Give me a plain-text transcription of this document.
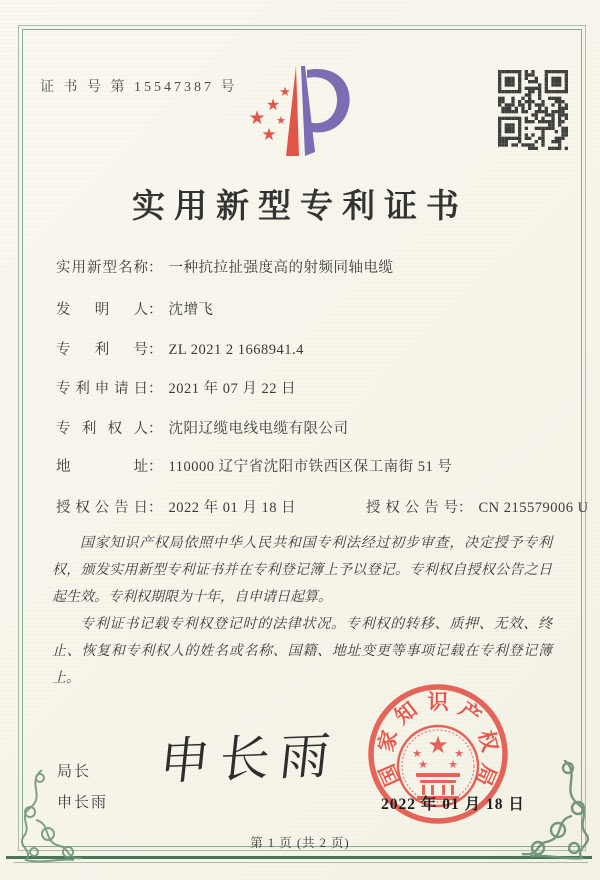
证 书 号 第 15547387 号	★
★
★ ★
★
实用新型专利证书
实用新型名称： 一种抗拉扯强度高的射频同轴电缆
发明人： 沈增飞
专利号： ZL 2021 2 1668941.4
专利申请日： 2021 年 07 月 22 日
专利权人： 沈阳辽缆电线电缆有限公司
地址： 110000 辽宁省沈阳市铁西区保工南街 51 号
授权公告日： 2022 年 01 月 18 日	授权公告号： CN 215579006 U

国家知识产权局依照中华人民共和国专利法经过初步审查，决定授予专利权，颁发实用新型专利证书并在专利登记簿上予以登记。专利权自授权公告之日起生效。专利权期限为十年，自申请日起算。

专利证书记载专利权登记时的法律状况。专利权的转移、质押、无效、终止、恢复和专利权人的姓名或名称、国籍、地址变更等事项记载在专利登记簿上。

局长
申长雨
申长雨	★
★	★
★ ★
国
家
知 识 产
权
局
2022 年 01 月 18 日
第 1 页 (共 2 页)
